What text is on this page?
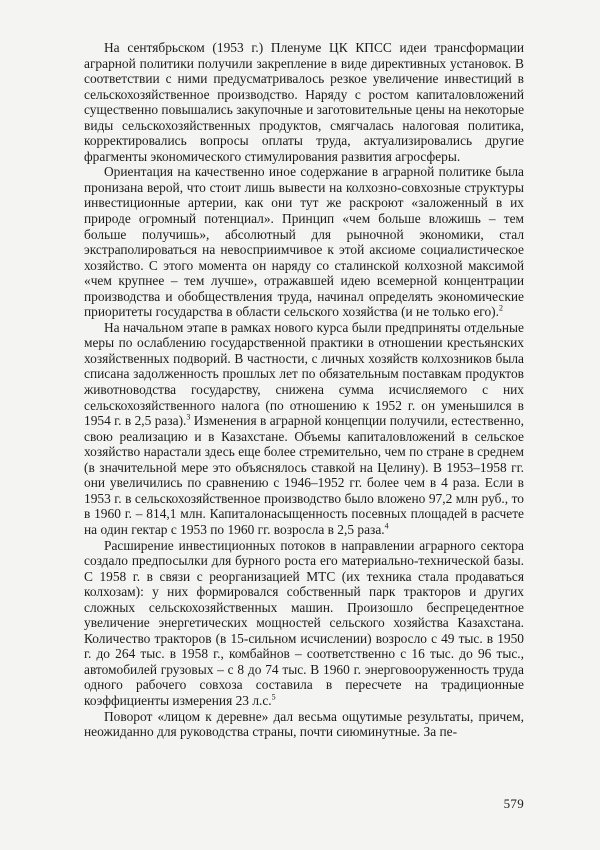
На сентябрьском (1953 г.) Пленуме ЦК КПСС идеи трансформации аграрной политики получили закрепление в виде директивных установок. В соответствии с ними предусматривалось резкое увеличение инвестиций в сельскохозяйственное производство. Наряду с ростом капиталовложений существенно повышались закупочные и заготовительные цены на некоторые виды сельскохозяйственных продуктов, смягчалась налоговая политика, корректировались вопросы оплаты труда, актуализировались другие фрагменты экономического стимулирования развития агросферы.

Ориентация на качественно иное содержание в аграрной политике была пронизана верой, что стоит лишь вывести на колхозно-совхозные структуры инвестиционные артерии, как они тут же раскроют «заложенный в их природе огромный потенциал». Принцип «чем больше вложишь – тем больше получишь», абсолютный для рыночной экономики, стал экстраполироваться на невосприимчивое к этой аксиоме социалистическое хозяйство. С этого момента он наряду со сталинской колхозной максимой «чем крупнее – тем лучше», отражавшей идею всемерной концентрации производства и обобществления труда, начинал определять экономические приоритеты государства в области сельского хозяйства (и не только его).$^2$

На начальном этапе в рамках нового курса были предприняты отдельные меры по ослаблению государственной практики в отношении крестьянских хозяйственных подворий. В частности, с личных хозяйств колхозников была списана задолженность прошлых лет по обязательным поставкам продуктов животноводства государству, снижена сумма исчисляемого с них сельскохозяйственного налога (по отношению к 1952 г. он уменьшился в 1954 г. в 2,5 раза).$^3$ Изменения в аграрной концепции получили, естественно, свою реализацию и в Казахстане. Объемы капиталовложений в сельское хозяйство нарастали здесь еще более стремительно, чем по стране в среднем (в значительной мере это объяснялось ставкой на Целину). В 1953–1958 гг. они увеличились по сравнению с 1946–1952 гг. более чем в 4 раза. Если в 1953 г. в сельскохозяйственное производство было вложено 97,2 млн руб., то в 1960 г. – 814,1 млн. Капиталонасыщенность посевных площадей в расчете на один гектар с 1953 по 1960 гг. возросла в 2,5 раза.$^4$

Расширение инвестиционных потоков в направлении аграрного сектора создало предпосылки для бурного роста его материально-технической базы. С 1958 г. в связи с реорганизацией МТС (их техника стала продаваться колхозам): у них формировался собственный парк тракторов и других сложных сельскохозяйственных машин. Произошло беспрецедентное увеличение энергетических мощностей сельского хозяйства Казахстана. Количество тракторов (в 15-сильном исчислении) возросло с 49 тыс. в 1950 г. до 264 тыс. в 1958 г., комбайнов – соответственно с 16 тыс. до 96 тыс., автомобилей грузовых – с 8 до 74 тыс. В 1960 г. энерговооруженность труда одного рабочего совхоза составила в пересчете на традиционные коэффициенты измерения 23 л.с.$^5$

Поворот «лицом к деревне» дал весьма ощутимые результаты, причем, неожиданно для руководства страны, почти сиюминутные. За пе-

579
